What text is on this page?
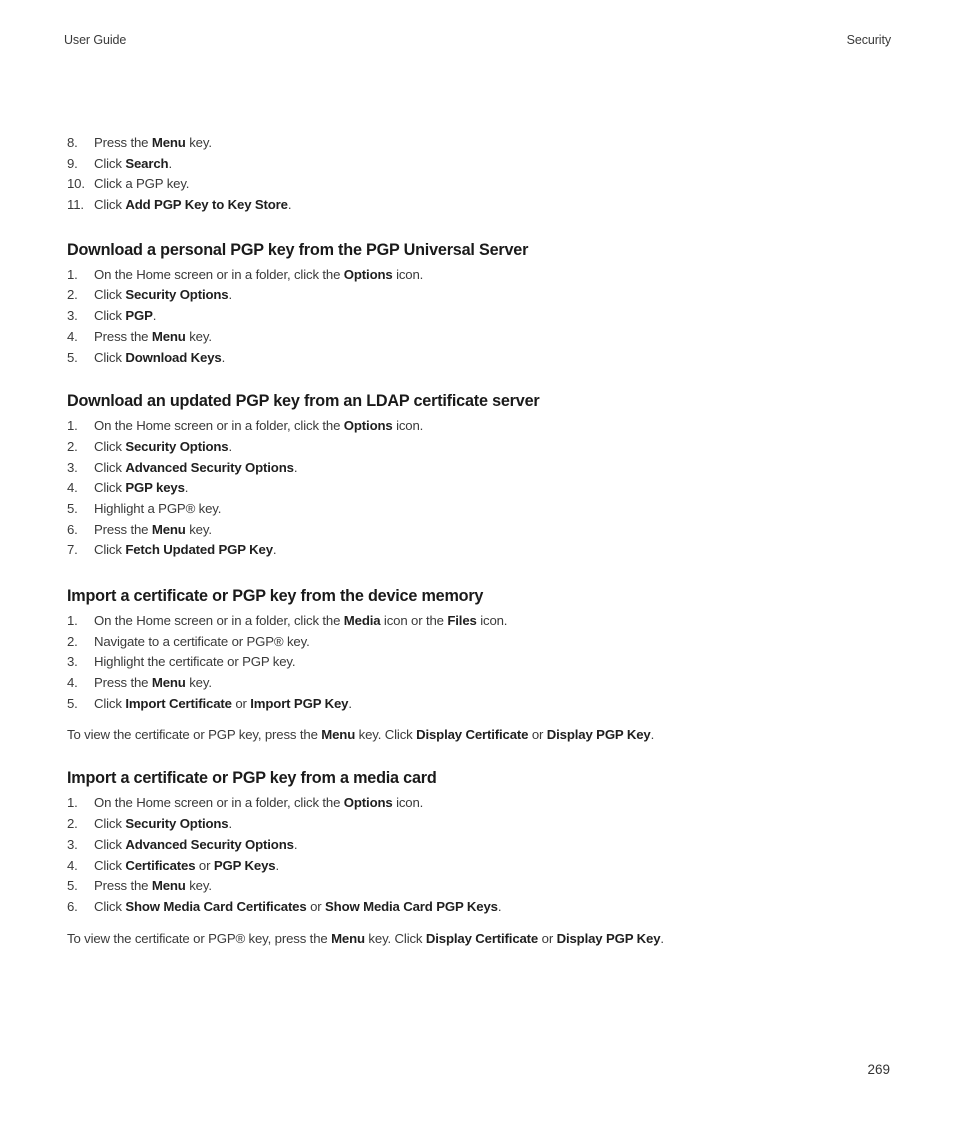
User Guide	Security
8. Press the Menu key.
9. Click Search.
10. Click a PGP key.
11. Click Add PGP Key to Key Store.
Download a personal PGP key from the PGP Universal Server
1. On the Home screen or in a folder, click the Options icon.
2. Click Security Options.
3. Click PGP.
4. Press the Menu key.
5. Click Download Keys.
Download an updated PGP key from an LDAP certificate server
1. On the Home screen or in a folder, click the Options icon.
2. Click Security Options.
3. Click Advanced Security Options.
4. Click PGP keys.
5. Highlight a PGP® key.
6. Press the Menu key.
7. Click Fetch Updated PGP Key.
Import a certificate or PGP key from the device memory
1. On the Home screen or in a folder, click the Media icon or the Files icon.
2. Navigate to a certificate or PGP® key.
3. Highlight the certificate or PGP key.
4. Press the Menu key.
5. Click Import Certificate or Import PGP Key.
To view the certificate or PGP key, press the Menu key. Click Display Certificate or Display PGP Key.
Import a certificate or PGP key from a media card
1. On the Home screen or in a folder, click the Options icon.
2. Click Security Options.
3. Click Advanced Security Options.
4. Click Certificates or PGP Keys.
5. Press the Menu key.
6. Click Show Media Card Certificates or Show Media Card PGP Keys.
To view the certificate or PGP® key, press the Menu key. Click Display Certificate or Display PGP Key.
269
